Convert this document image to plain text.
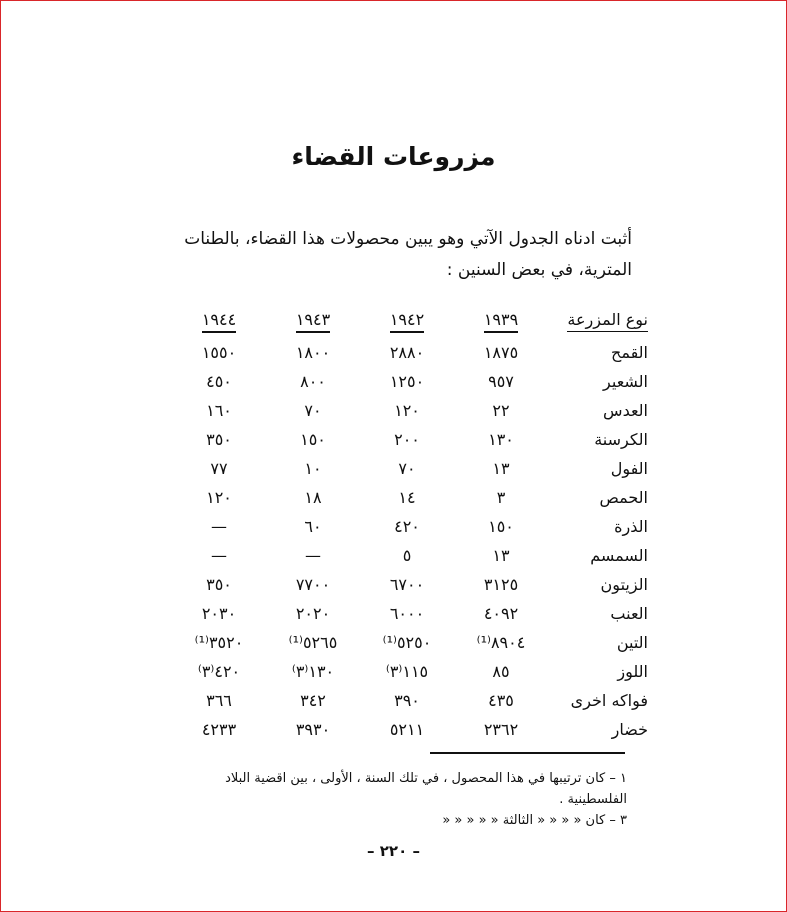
مزروعات القضاء
أثبت ادناه الجدول الآتي وهو يبين محصولات هذا القضاء، بالطنات المترية، في بعض السنين :
نوع المزرعة
١٩٣٩
١٩٤٢
١٩٤٣
١٩٤٤
القمح
١٨٧٥
٢٨٨٠
١٨٠٠
١٥٥٠
الشعير
٩٥٧
١٢٥٠
٨٠٠
٤٥٠
العدس
٢٢
١٢٠
٧٠
١٦٠
الكرسنة
١٣٠
٢٠٠
١٥٠
٣٥٠
الفول
١٣
٧٠
١٠
٧٧
الحمص
٣
١٤
١٨
١٢٠
الذرة
١٥٠
٤٢٠
٦٠
—
السمسم
١٣
٥
—
—
الزيتون
٣١٢٥
٦٧٠٠
٧٧٠٠
٣٥٠
العنب
٤٠٩٢
٦٠٠٠
٢٠٢٠
٢٠٣٠
التين
٨٩٠٤⁽¹⁾
٥٢٥٠⁽¹⁾
٥٢٦٥⁽¹⁾
٣٥٢٠⁽¹⁾
اللوز
٨٥
١١٥⁽٣⁾
١٣٠⁽٣⁾
٤٢٠⁽٣⁾
فواكه اخرى
٤٣٥
٣٩٠
٣٤٢
٣٦٦
خضار
٢٣٦٢
٥٢١١
٣٩٣٠
٤٢٣٣
١ – كان ترتيبها في هذا المحصول ، في تلك السنة ، الأولى ، بين اقضية البلاد الفلسطينية .
٣ – كان « « « « الثالثة « « « « «
– ٢٢٠ –
